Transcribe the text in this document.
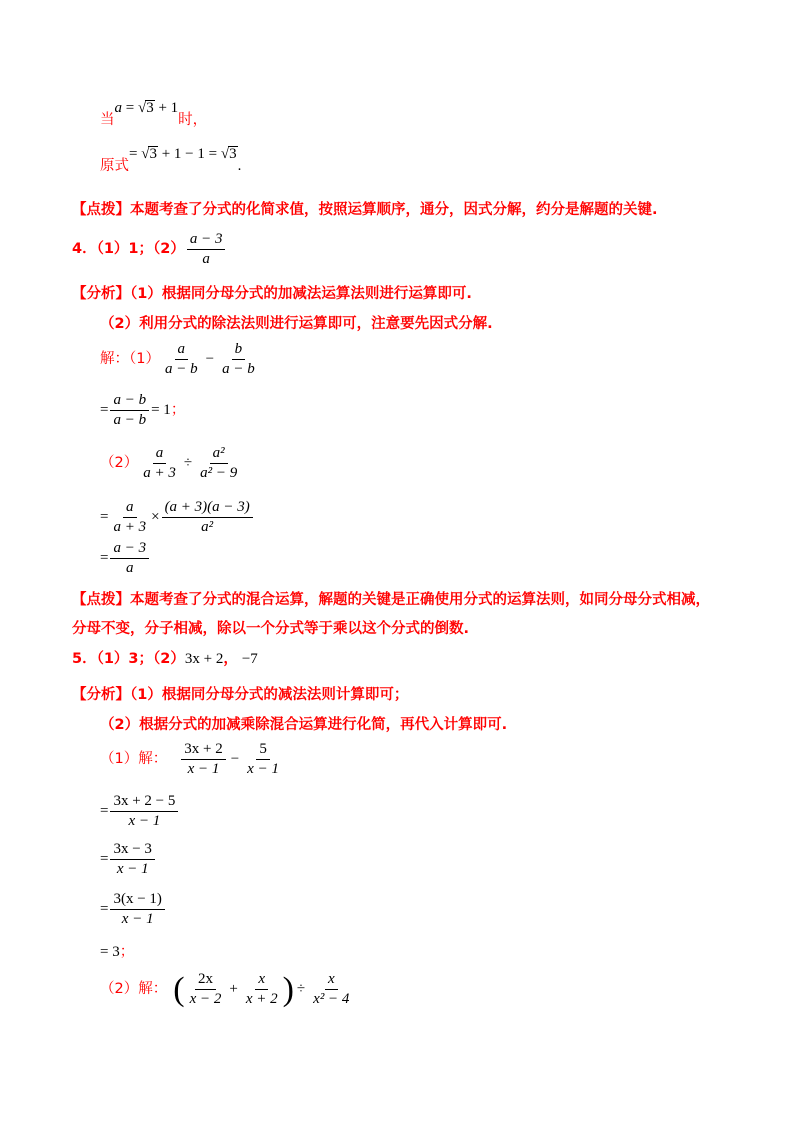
当a = √3 + 1时，
原式= √3 + 1 − 1 = √3.
【点拨】本题考查了分式的化简求值，按照运算顺序，通分，因式分解，约分是解题的关键.
4．（1）1；$(2) \frac{a - 3}{a}$
【分析】（1）根据同分母分式的加减法运算法则进行运算即可.
（2）利用分式的除法法则进行运算即可，注意要先因式分解.
解：$(1) \frac{a}{a - b} - \frac{b}{a - b}$
= $\frac{a - b}{a - b} = 1$ ；
$(2) \frac{a}{a + 3} \div \frac{\text{a²}}{\text{a² − 9}}$
= $\frac{a}{a + 3} \times \frac{(a + 3)(a - 3)}{\text{a²}}$
= $\frac{a - 3}{a}$
【点拨】本题考查了分式的混合运算，解题的关键是正确使用分式的运算法则，如同分母分式相减，
分母不变，分子相减，除以一个分式等于乘以这个分式的倒数.
5．（1）3；（2）3x + 2， −7
【分析】（1）根据同分母分式的减法法则计算即可；
（2）根据分式的加减乘除混合运算进行化简，再代入计算即可.
（1）解： $\frac{3x + 2}{x - 1} - \frac{5}{x - 1}$
= $\frac{3x + 2 - 5}{x - 1}$
= $\frac{3x - 3}{x - 1}$
= $\frac{3(x - 1)}{x - 1}$
= 3；
（2）解： ( $\frac{2x}{x - 2} + \frac{x}{x + 2}$ ) ÷ $\frac{x}{\text{x² − 4}}$
